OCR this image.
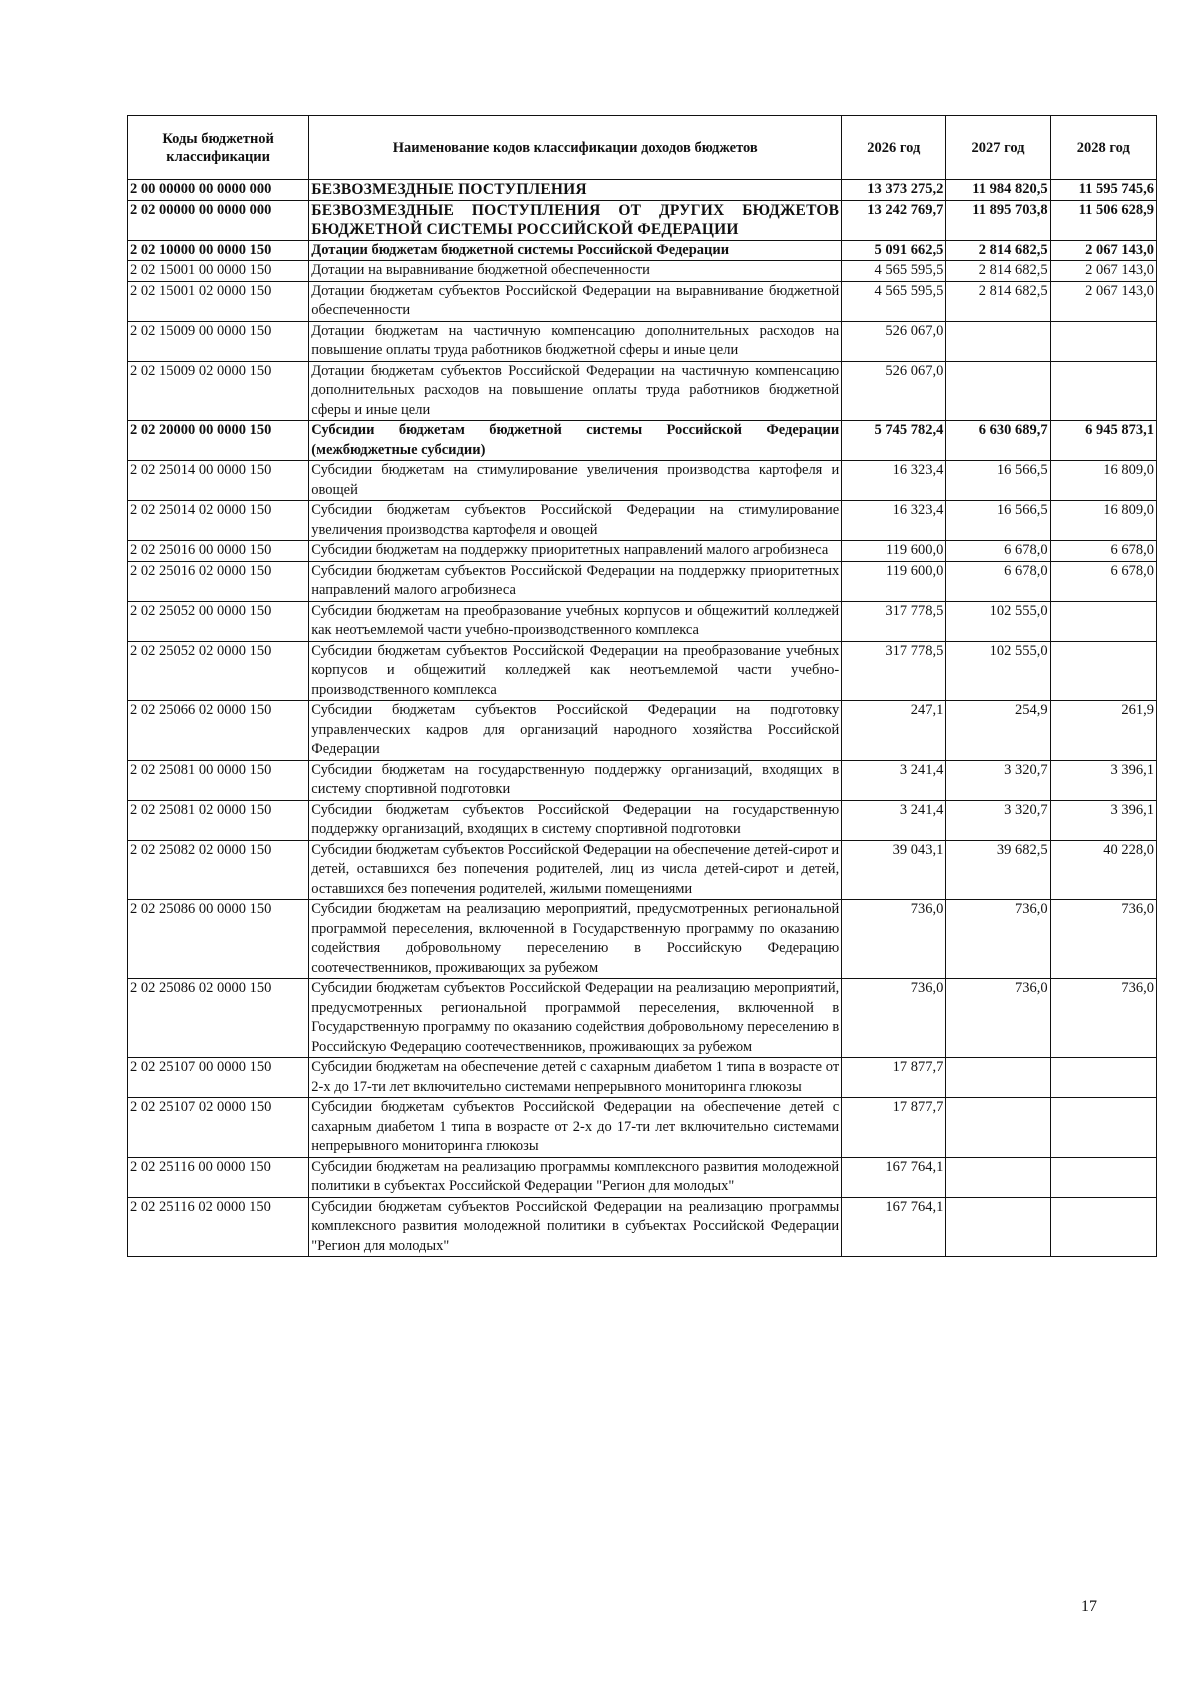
Коды бюджетной классификации	Наименование кодов классификации доходов бюджетов	2026 год	2027 год	2028 год
2 00 00000 00 0000 000	БЕЗВОЗМЕЗДНЫЕ ПОСТУПЛЕНИЯ	13 373 275,2	11 984 820,5	11 595 745,6
2 02 00000 00 0000 000	БЕЗВОЗМЕЗДНЫЕ ПОСТУПЛЕНИЯ ОТ ДРУГИХ БЮДЖЕТОВ БЮДЖЕТНОЙ СИСТЕМЫ РОССИЙСКОЙ ФЕДЕРАЦИИ	13 242 769,7	11 895 703,8	11 506 628,9
2 02 10000 00 0000 150	Дотации бюджетам бюджетной системы Российской Федерации	5 091 662,5	2 814 682,5	2 067 143,0
2 02 15001 00 0000 150	Дотации на выравнивание бюджетной обеспеченности	4 565 595,5	2 814 682,5	2 067 143,0
2 02 15001 02 0000 150	Дотации бюджетам субъектов Российской Федерации на выравнивание бюджетной обеспеченности	4 565 595,5	2 814 682,5	2 067 143,0
2 02 15009 00 0000 150	Дотации бюджетам на частичную компенсацию дополнительных расходов на повышение оплаты труда работников бюджетной сферы и иные цели	526 067,0		
2 02 15009 02 0000 150	Дотации бюджетам субъектов Российской Федерации на частичную компенсацию дополнительных расходов на повышение оплаты труда работников бюджетной сферы и иные цели	526 067,0		
2 02 20000 00 0000 150	Субсидии бюджетам бюджетной системы Российской Федерации (межбюджетные субсидии)	5 745 782,4	6 630 689,7	6 945 873,1
2 02 25014 00 0000 150	Субсидии бюджетам на стимулирование увеличения производства картофеля и овощей	16 323,4	16 566,5	16 809,0
2 02 25014 02 0000 150	Субсидии бюджетам субъектов Российской Федерации на стимулирование увеличения производства картофеля и овощей	16 323,4	16 566,5	16 809,0
2 02 25016 00 0000 150	Субсидии бюджетам на поддержку приоритетных направлений малого агробизнеса	119 600,0	6 678,0	6 678,0
2 02 25016 02 0000 150	Субсидии бюджетам субъектов Российской Федерации на поддержку приоритетных направлений малого агробизнеса	119 600,0	6 678,0	6 678,0
2 02 25052 00 0000 150	Субсидии бюджетам на преобразование учебных корпусов и общежитий колледжей как неотъемлемой части учебно-производственного комплекса	317 778,5	102 555,0	
2 02 25052 02 0000 150	Субсидии бюджетам субъектов Российской Федерации на преобразование учебных корпусов и общежитий колледжей как неотъемлемой части учебно-производственного комплекса	317 778,5	102 555,0	
2 02 25066 02 0000 150	Субсидии бюджетам субъектов Российской Федерации на подготовку управленческих кадров для организаций народного хозяйства Российской Федерации	247,1	254,9	261,9
2 02 25081 00 0000 150	Субсидии бюджетам на государственную поддержку организаций, входящих в систему спортивной подготовки	3 241,4	3 320,7	3 396,1
2 02 25081 02 0000 150	Субсидии бюджетам субъектов Российской Федерации на государственную поддержку организаций, входящих в систему спортивной подготовки	3 241,4	3 320,7	3 396,1
2 02 25082 02 0000 150	Субсидии бюджетам субъектов Российской Федерации на обеспечение детей-сирот и детей, оставшихся без попечения родителей, лиц из числа детей-сирот и детей, оставшихся без попечения родителей, жилыми помещениями	39 043,1	39 682,5	40 228,0
2 02 25086 00 0000 150	Субсидии бюджетам на реализацию мероприятий, предусмотренных региональной программой переселения, включенной в Государственную программу по оказанию содействия добровольному переселению в Российскую Федерацию соотечественников, проживающих за рубежом	736,0	736,0	736,0
2 02 25086 02 0000 150	Субсидии бюджетам субъектов Российской Федерации на реализацию мероприятий, предусмотренных региональной программой переселения, включенной в Государственную программу по оказанию содействия добровольному переселению в Российскую Федерацию соотечественников, проживающих за рубежом	736,0	736,0	736,0
2 02 25107 00 0000 150	Субсидии бюджетам на обеспечение детей с сахарным диабетом 1 типа в возрасте от 2-х до 17-ти лет включительно системами непрерывного мониторинга глюкозы	17 877,7		
2 02 25107 02 0000 150	Субсидии бюджетам субъектов Российской Федерации на обеспечение детей с сахарным диабетом 1 типа в возрасте от 2-х до 17-ти лет включительно системами непрерывного мониторинга глюкозы	17 877,7		
2 02 25116 00 0000 150	Субсидии бюджетам на реализацию программы комплексного развития молодежной политики в субъектах Российской Федерации "Регион для молодых"	167 764,1		
2 02 25116 02 0000 150	Субсидии бюджетам субъектов Российской Федерации на реализацию программы комплексного развития молодежной политики в субъектах Российской Федерации "Регион для молодых"	167 764,1		
17
